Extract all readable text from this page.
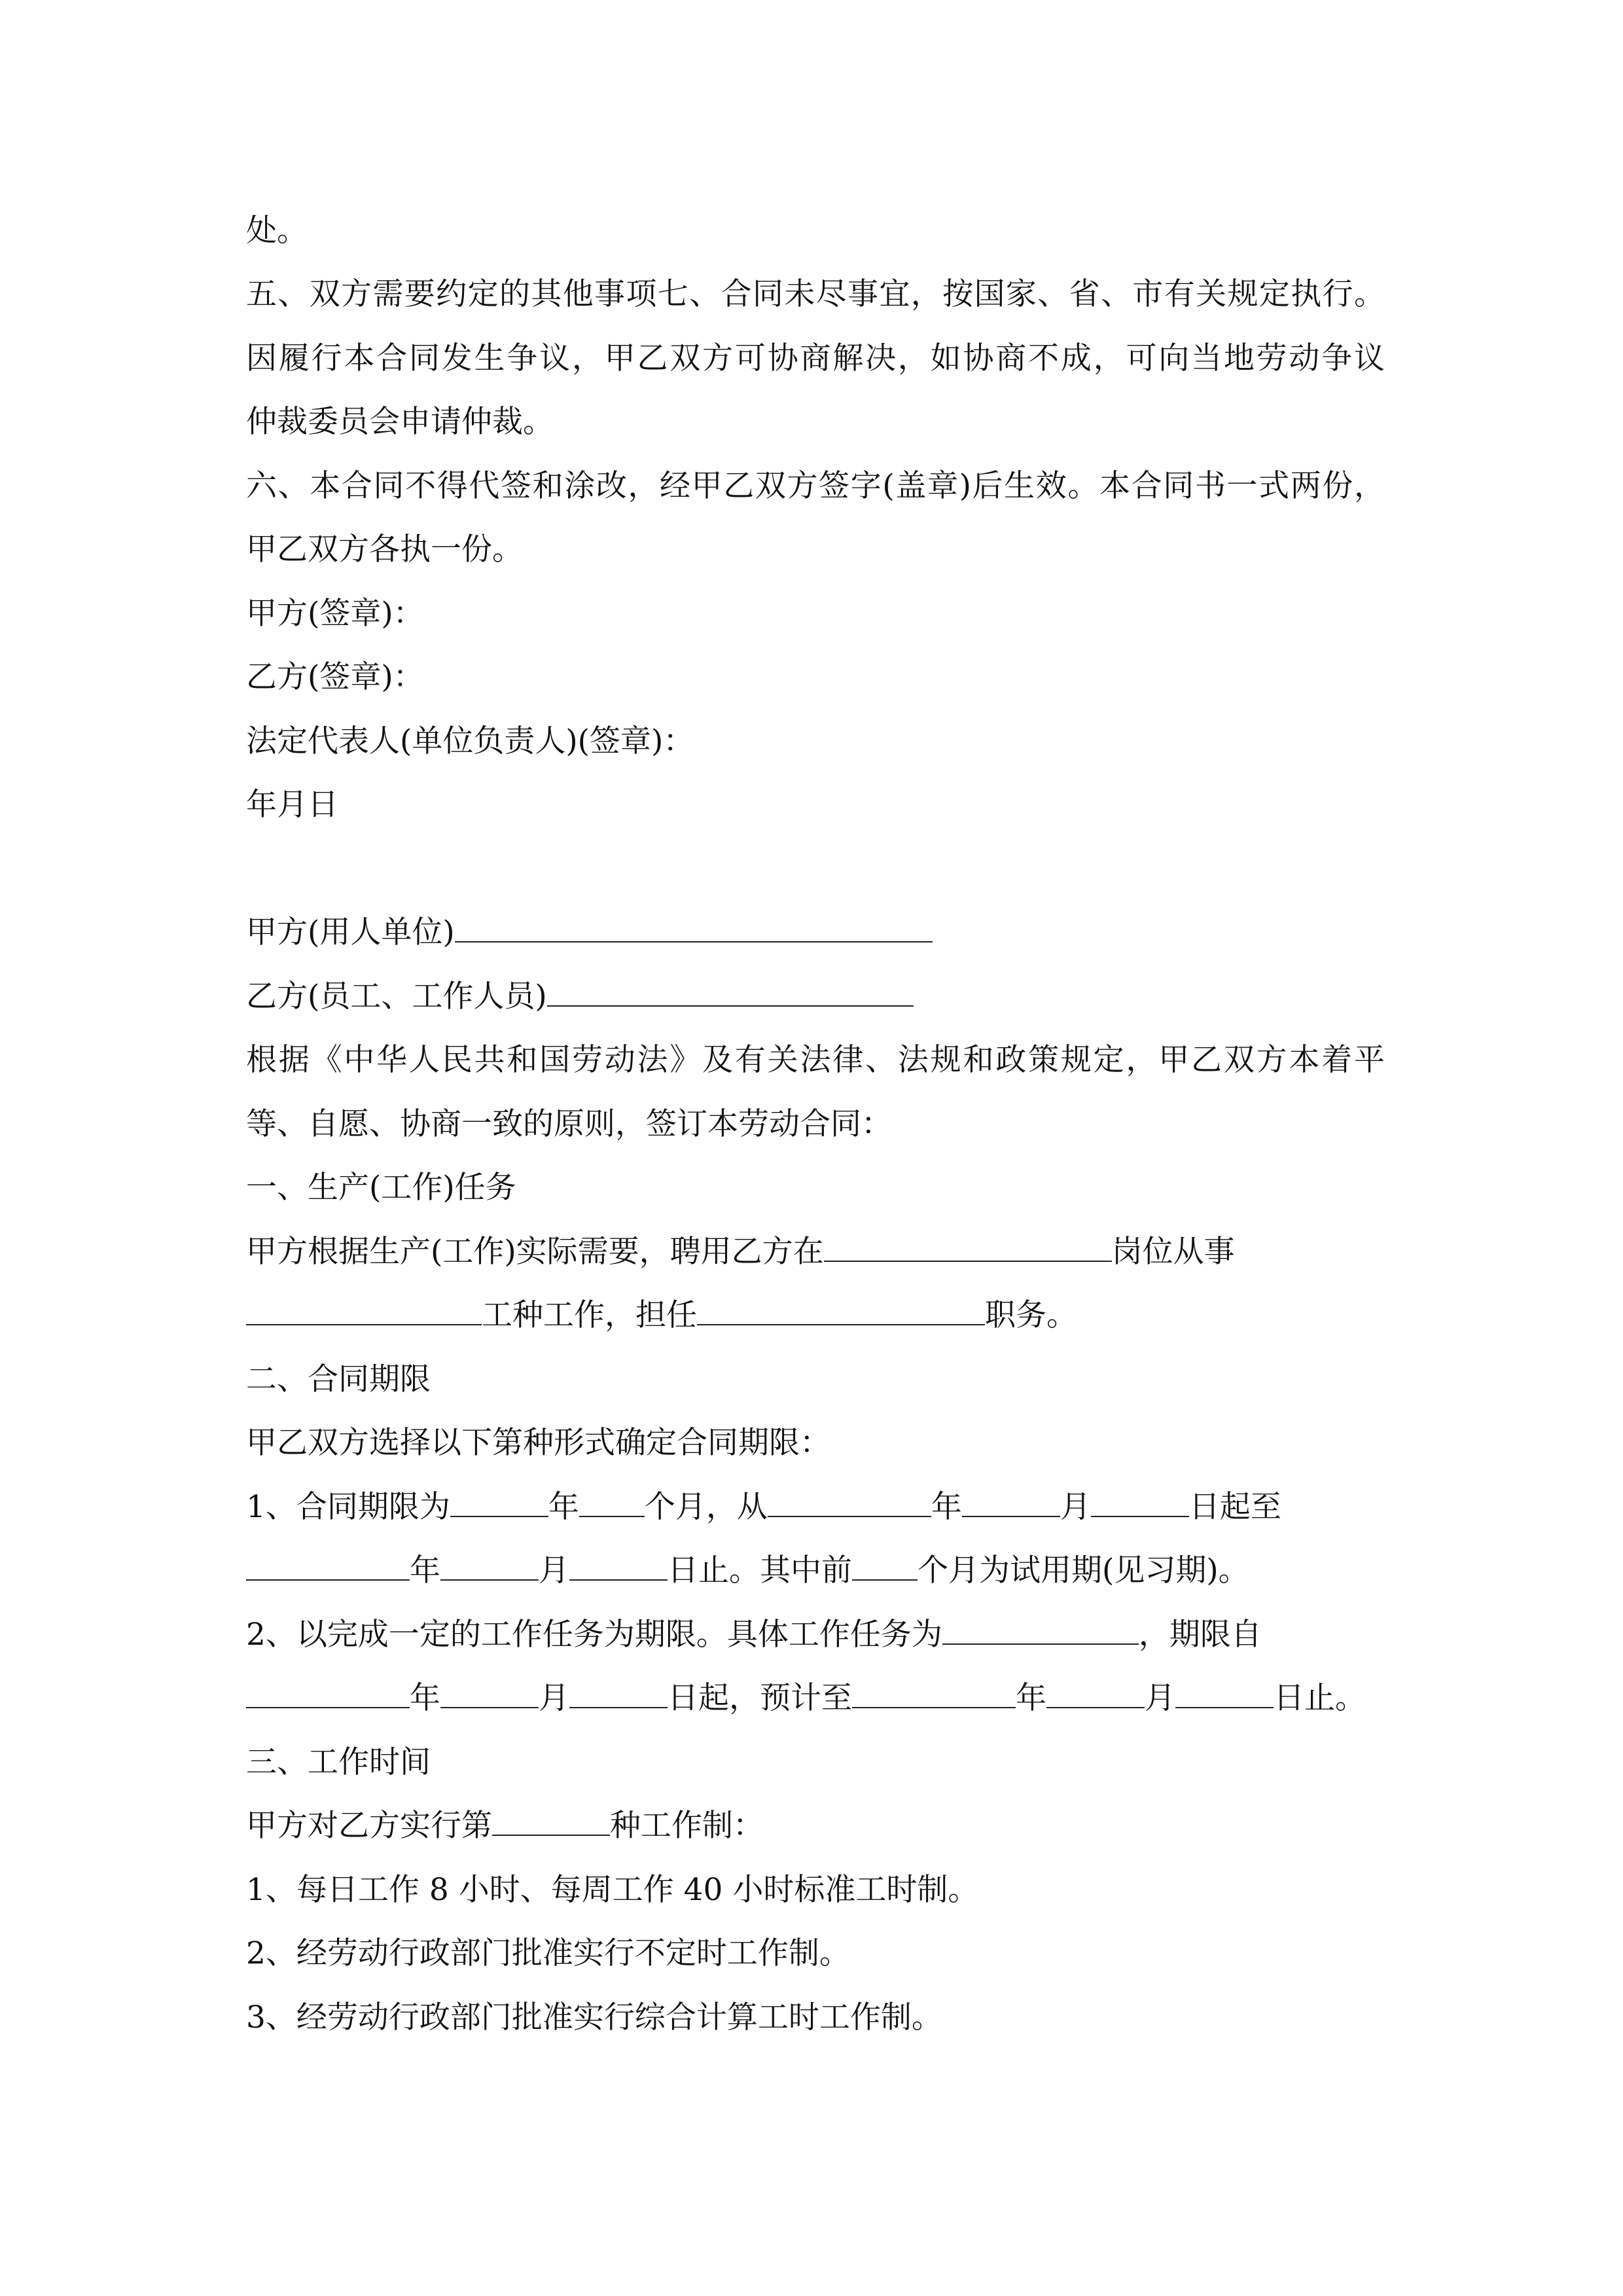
处。
五、双方需要约定的其他事项七、合同未尽事宜，按国家、省、市有关规定执行。
因履行本合同发生争议，甲乙双方可协商解决，如协商不成，可向当地劳动争议
仲裁委员会申请仲裁。
六、本合同不得代签和涂改，经甲乙双方签字(盖章)后生效。本合同书一式两份，
甲乙双方各执一份。
甲方(签章)：
乙方(签章)：
法定代表人(单位负责人)(签章)：
年月日
甲方(用人单位)
乙方(员工、工作人员)
根据《中华人民共和国劳动法》及有关法律、法规和政策规定，甲乙双方本着平
等、自愿、协商一致的原则，签订本劳动合同：
一、生产(工作)任务
甲方根据生产(工作)实际需要，聘用乙方在	岗位从事
工种工作，担任	职务。
二、合同期限
甲乙双方选择以下第种形式确定合同期限：
1、合同期限为	年 个月，从	年	月	日起至
年	月	日止。其中前 个月为试用期(见习期)。
2、以完成一定的工作任务为期限。具体工作任务为	，期限自
年	月	日起，预计至	年	月	日止。
三、工作时间
甲方对乙方实行第	种工作制：
1、每日工作 8 小时、每周工作 40 小时标准工时制。
2、经劳动行政部门批准实行不定时工作制。
3、经劳动行政部门批准实行综合计算工时工作制。
